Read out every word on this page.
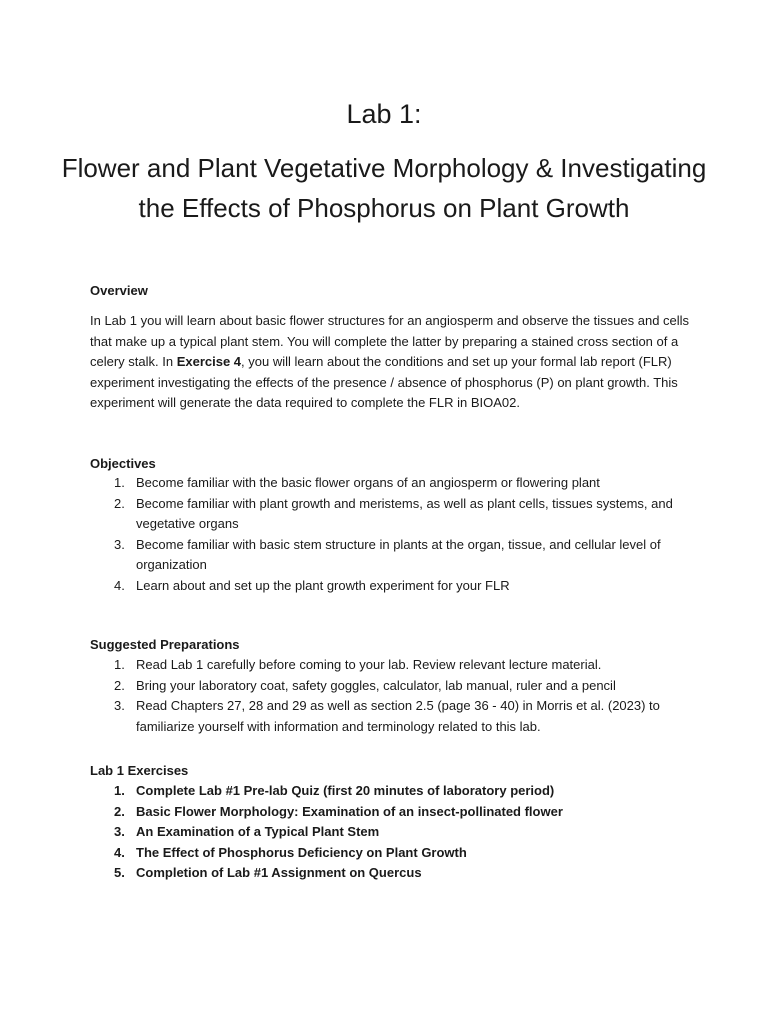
Lab 1:
Flower and Plant Vegetative Morphology & Investigating the Effects of Phosphorus on Plant Growth

Overview

In Lab 1 you will learn about basic flower structures for an angiosperm and observe the tissues and cells that make up a typical plant stem. You will complete the latter by preparing a stained cross section of a celery stalk. In Exercise 4, you will learn about the conditions and set up your formal lab report (FLR) experiment investigating the effects of the presence / absence of phosphorus (P) on plant growth. This experiment will generate the data required to complete the FLR in BIOA02.

Objectives

1. Become familiar with the basic flower organs of an angiosperm or flowering plant
2. Become familiar with plant growth and meristems, as well as plant cells, tissues systems, and vegetative organs
3. Become familiar with basic stem structure in plants at the organ, tissue, and cellular level of organization
4. Learn about and set up the plant growth experiment for your FLR

Suggested Preparations

1. Read Lab 1 carefully before coming to your lab. Review relevant lecture material.
2. Bring your laboratory coat, safety goggles, calculator, lab manual, ruler and a pencil
3. Read Chapters 27, 28 and 29 as well as section 2.5 (page 36 - 40) in Morris et al. (2023) to familiarize yourself with information and terminology related to this lab.

Lab 1 Exercises

1. Complete Lab #1 Pre-lab Quiz (first 20 minutes of laboratory period)
2. Basic Flower Morphology: Examination of an insect-pollinated flower
3. An Examination of a Typical Plant Stem
4. The Effect of Phosphorus Deficiency on Plant Growth
5. Completion of Lab #1 Assignment on Quercus
